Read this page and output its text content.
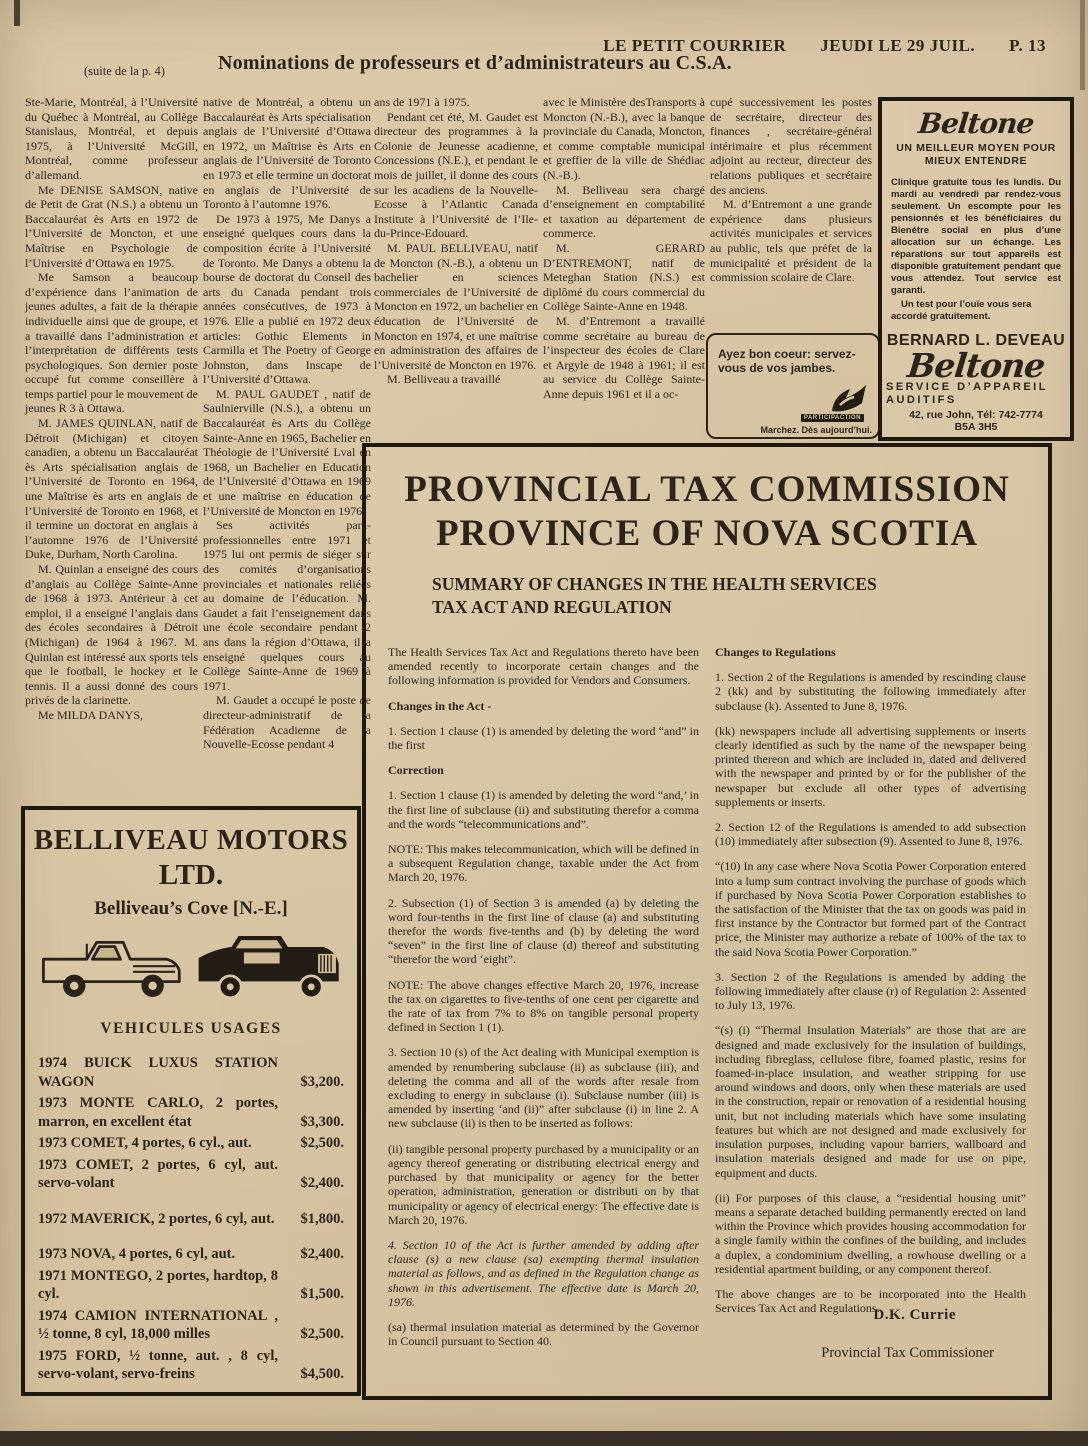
LE PETIT COURRIER JEUDI LE 29 JUIL. P. 13
(suite de la p. 4)	Nominations de professeurs et d’administrateurs au C.S.A.

Ste-Marie, Montréal, à l’Université du Québec à Montréal, au Collège Stanislaus, Montréal, et depuis 1975, à l’Université McGill, Montréal, comme professeur d’allemand.

Me DENISE SAMSON, native de Petit de Grat (N.S.) a obtenu un Baccalauréat ès Arts en 1972 de l’Université de Moncton, et une Maîtrise en Psychologie de l’Université d’Ottawa en 1975.

Me Samson a beaucoup d’expérience dans l’animation de jeunes adultes, a fait de la thérapie individuelle ainsi que de groupe, et a travaillé dans l’administration et l’interprétation de différents tests psychologiques. Son dernier poste occupé fut comme conseillère à temps partiel pour le mouvement de jeunes R 3 à Ottawa.

M. JAMES QUINLAN, natif de Détroit (Michigan) et citoyen canadien, a obtenu un Baccalauréat ès Arts spécialisation anglais de l’Université de Toronto en 1964, une Maîtrise ès arts en anglais de l’Université de Toronto en 1968, et il termine un doctorat en anglais à l’automne 1976 de l’Université Duke, Durham, North Carolina.

M. Quinlan a enseigné des cours d’anglais au Collège Sainte-Anne de 1968 à 1973. Antérieur à cet emploi, il a enseigné l’anglais dans des écoles secondaires à Détroit (Michigan) de 1964 à 1967. M. Quinlan est intéressé aux sports tels que le football, le hockey et le tennis. Il a aussi donné des cours privés de la clarinette.

Me MILDA DANYS,

native de Montréal, a obtenu un Baccalauréat ès Arts spécialisation anglais de l’Université d’Ottawa en 1972, un Maîtrise ès Arts en anglais de l’Université de Toronto en 1973 et elle termine un doctorat en anglais de l’Université de Toronto à l’automne 1976.

De 1973 à 1975, Me Danys a enseigné quelques cours dans la composition écrite à l’Université de Toronto. Me Danys a obtenu la bourse de doctorat du Conseil des arts du Canada pendant trois années consécutives, de 1973 à 1976. Elle a publié en 1972 deux articles: Gothic Elements in Carmilla et The Poetry of George Johnston, dans Inscape de l’Université d’Ottawa.

M. PAUL GAUDET , natif de Saulnierville (N.S.), a obtenu un Baccalauréat ès Arts du Collège Sainte-Anne en 1965, Bachelier en Théologie de l’Université Lval en 1968, un Bachelier en Education de l’Université d’Ottawa en 1969 et une maîtrise en éducation de l’Université de Moncton en 1976.

Ses activités para-professionnelles entre 1971 et 1975 lui ont permis de siéger sur des comités d’organisations provinciales et nationales reliées au domaine de l’éducation. M. Gaudet a fait l’enseignement dans une école secondaire pendant 2 ans dans la région d’Ottawa, il a enseigné quelques cours au Collège Sainte-Anne de 1969 à 1971.

M. Gaudet a occupé le poste de directeur-administratif de la Fédération Acadienne de la Nouvelle-Ecosse pendant 4

ans de 1971 à 1975.

Pendant cet été, M. Gaudet est directeur des programmes à la Colonie de Jeunesse acadienne, Concessions (N.E.), et pendant le mois de juillet, il donne des cours sur les acadiens de la Nouvelle-Ecosse à l’Atlantic Canada Institute à l’Université de l’Ile-du-Prince-Edouard.

M. PAUL BELLIVEAU, natif de Moncton (N.-B.), a obtenu un bachelier en sciences commerciales de l’Université de Moncton en 1972, un bachelier en éducation de l’Université de Moncton en 1974, et une maîtrise en administration des affaires de l’Université de Moncton en 1976.

M. Belliveau a travaillé

avec le Ministère desTransports à Moncton (N.-B.), avec la banque provinciale du Canada, Moncton, et comme comptable municipal et greffier de la ville de Shédiac (N.-B.).

M. Belliveau sera chargé d’enseignement en comptabilité et taxation au département de commerce.

M. GERARD D’ENTREMONT, natif de Meteghan Station (N.S.) est diplômé du cours commercial du Collège Sainte-Anne en 1948.

M. d’Entremont a travaillé comme secrétaire au bureau de l’inspecteur des écoles de Clare et Argyle de 1948 à 1961; il est au service du Collège Sainte-Anne depuis 1961 et il a oc-

cupé successivement les postes de secrétaire, directeur des finances , secrétaire-général intérimaire et plus récemment adjoint au recteur, directeur des relations publiques et secrétaire des anciens.

M. d’Entremont a une grande expérience dans plusieurs activités municipales et services au public, tels que préfet de la municipalité et président de la commission scolaire de Clare.

Ayez bon coeur: servez-vous de vos jambes.

PARTICIPACTION
Marchez. Dès aujourd’hui.
Beltone
UN MEILLEUR MOYEN POUR MIEUX ENTENDRE

Clinique gratuite tous les lundis. Du mardi au vendredi par rendez-vous seulement. Un escompte pour les pensionnés et les bénéficiaires du Bienétre social en plus d’une allocation sur un échange. Les réparations sur tout appareils est disponible gratuitement pendant que vous attendez. Tout service est garanti.

Un test pour l’ouïe vous sera accordé gratuitement.

BERNARD L. DEVEAU
Beltone
SERVICE D’APPAREIL AUDITIFS
42, rue John, Tél: 742-7774
B5A 3H5
PROVINCIAL TAX COMMISSION
PROVINCE OF NOVA SCOTIA
SUMMARY OF CHANGES IN THE HEALTH SERVICES TAX ACT AND REGULATION

The Health Services Tax Act and Regulations thereto have been amended recently to incorporate certain changes and the following information is provided for Vendors and Consumers.

Changes in the Act -

1. Section 1 clause (1) is amended by deleting the word “and” in the first

Correction

1. Section 1 clause (1) is amended by deleting the word “and,’ in the first line of subclause (ii) and substituting therefor a comma and the words “telecommunications and”.

NOTE: This makes telecommunication, which will be defined in a subsequent Regulation change, taxable under the Act from March 20, 1976.

2. Subsection (1) of Section 3 is amended (a) by deleting the word four-tenths in the first line of clause (a) and substituting therefor the words five-tenths and (b) by deleting the word “seven” in the first line of clause (d) thereof and substituting “therefor the word ‘eight”.

NOTE: The above changes effective March 20, 1976, increase the tax on cigarettes to five-tenths of one cent per cigarette and the rate of tax from 7% to 8% on tangible personal property defined in Section 1 (1).

3. Section 10 (s) of the Act dealing with Municipal exemption is amended by renumbering subclause (ii) as subclause (iii), and deleting the comma and all of the words after resale from excluding to energy in subclause (i). Subclause number (iii) is amended by inserting ‘and (ii)” after subclause (i) in line 2. A new subclause (ii) is then to be inserted as follows:

(ii) tangible personal property purchased by a municipality or an agency thereof generating or distributing electrical energy and purchased by that municipality or agency for the better operation, administration, generation or distributi on by that municipality or agency of electrical energy: The effective date is March 20, 1976.

4. Section 10 of the Act is further amended by adding after clause (s) a new clause (sa) exempting thermal insulation material as follows, and as defined in the Regulation change as shown in this advertisement. The effective date is March 20, 1976.

(sa) thermal insulation material as determined by the Governor in Council pursuant to Section 40.

Changes to Regulations

1. Section 2 of the Regulations is amended by rescinding clause 2 (kk) and by substituting the following immediately after subclause (k). Assented to June 8, 1976.

(kk) newspapers include all advertising supplements or inserts clearly identified as such by the name of the newspaper being printed thereon and which are included in, dated and delivered with the newspaper and printed by or for the publisher of the newspaper but exclude all other types of advertising supplements or inserts.

2. Section 12 of the Regulations is amended to add subsection (10) immediately after subsection (9). Assented to June 8, 1976.

“(10) In any case where Nova Scotia Power Corporation entered into a lump sum contract involving the purchase of goods which if purchased by Nova Scotia Power Corporation establishes to the satisfaction of the Minister that the tax on goods was paid in first instance by the Contractor but formed part of the Contract price, the Minister may authorize a rebate of 100% of the tax to the said Nova Scotia Power Corporation.”

3. Section 2 of the Regulations is amended by adding the following immediately after clause (r) of Regulation 2: Assented to July 13, 1976.

“(s) (i) “Thermal Insulation Materials” are those that are are designed and made exclusively for the insulation of buildings, including fibreglass, cellulose fibre, foamed plastic, resins for foamed-in-place insulation, and weather stripping for use around windows and doors, only when these materials are used in the construction, repair or renovation of a residential housing unit, but not including materials which have some insulating features but which are not designed and made exclusively for insulation purposes, including vapour barriers, wallboard and insulation materials designed and made for use on pipe, equipment and ducts.

(ii) For purposes of this clause, a “residential housing unit” means a separate detached building permanently erected on land within the Province which provides housing accommodation for a single family within the confines of the building, and includes a duplex, a condominium dwelling, a rowhouse dwelling or a residential apartment building, or any component thereof.

The above changes are to be incorporated into the Health Services Tax Act and Regulations.

D.K. Currie
Provincial Tax Commissioner
BELLIVEAU MOTORS
LTD.
Belliveau’s Cove [N.-E.]
VEHICULES USAGES
1974 BUICK LUXUS STATION WAGON	$3,200.
1973 MONTE CARLO, 2 portes, marron, en excellent état	$3,300.
1973 COMET, 4 portes, 6 cyl., aut.	$2,500.
1973 COMET, 2 portes, 6 cyl, aut. servo-volant	$2,400.
1972 MAVERICK, 2 portes, 6 cyl, aut.	$1,800.
1973 NOVA, 4 portes, 6 cyl, aut.	$2,400.
1971 MONTEGO, 2 portes, hardtop, 8 cyl.	$1,500.
1974 CAMION INTERNATIONAL , ½ tonne, 8 cyl, 18,000 milles	$2,500.
1975 FORD, ½ tonne, aut. , 8 cyl, servo-volant, servo-freins	$4,500.
